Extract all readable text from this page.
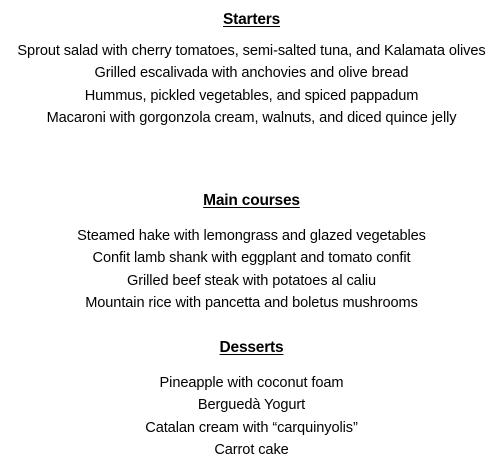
Starters
Sprout salad with cherry tomatoes, semi-salted tuna, and Kalamata olives
Grilled escalivada with anchovies and olive bread
Hummus, pickled vegetables, and spiced pappadum
Macaroni with gorgonzola cream, walnuts, and diced quince jelly
Main courses
Steamed hake with lemongrass and glazed vegetables
Confit lamb shank with eggplant and tomato confit
Grilled beef steak with potatoes al caliu
Mountain rice with pancetta and boletus mushrooms
Desserts
Pineapple with coconut foam
Berguedà Yogurt
Catalan cream with “carquinyolis”
Carrot cake
